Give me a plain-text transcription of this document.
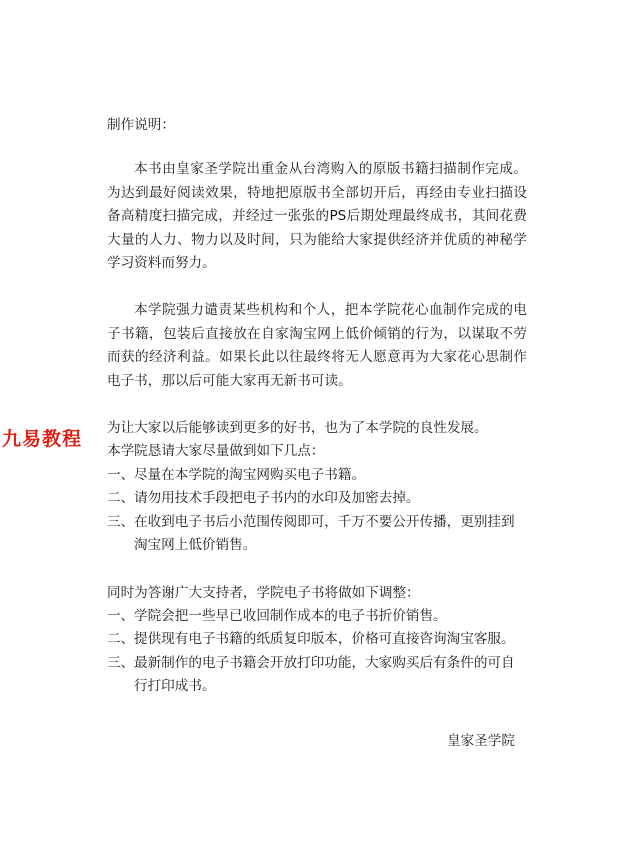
九易教程

制作说明：

本书由皇家圣学院出重金从台湾购入的原版书籍扫描制作完成。为达到最好阅读效果，特地把原版书全部切开后，再经由专业扫描设备高精度扫描完成，并经过一张张的PS后期处理最终成书，其间花费大量的人力、物力以及时间，只为能给大家提供经济并优质的神秘学学习资料而努力。

本学院强力谴责某些机构和个人，把本学院花心血制作完成的电子书籍，包装后直接放在自家淘宝网上低价倾销的行为，以谋取不劳而获的经济利益。如果长此以往最终将无人愿意再为大家花心思制作电子书，那以后可能大家再无新书可读。

为让大家以后能够读到更多的好书，也为了本学院的良性发展。

本学院恳请大家尽量做到如下几点：

一、 尽量在本学院的淘宝网购买电子书籍。
二、 请勿用技术手段把电子书内的水印及加密去掉。
三、 在收到电子书后小范围传阅即可，千万不要公开传播，更别挂到淘宝网上低价销售。

同时为答谢广大支持者，学院电子书将做如下调整：

一、 学院会把一些早已收回制作成本的电子书折价销售。
二、 提供现有电子书籍的纸质复印版本，价格可直接咨询淘宝客服。
三、 最新制作的电子书籍会开放打印功能，大家购买后有条件的可自行打印成书。
皇家圣学院
